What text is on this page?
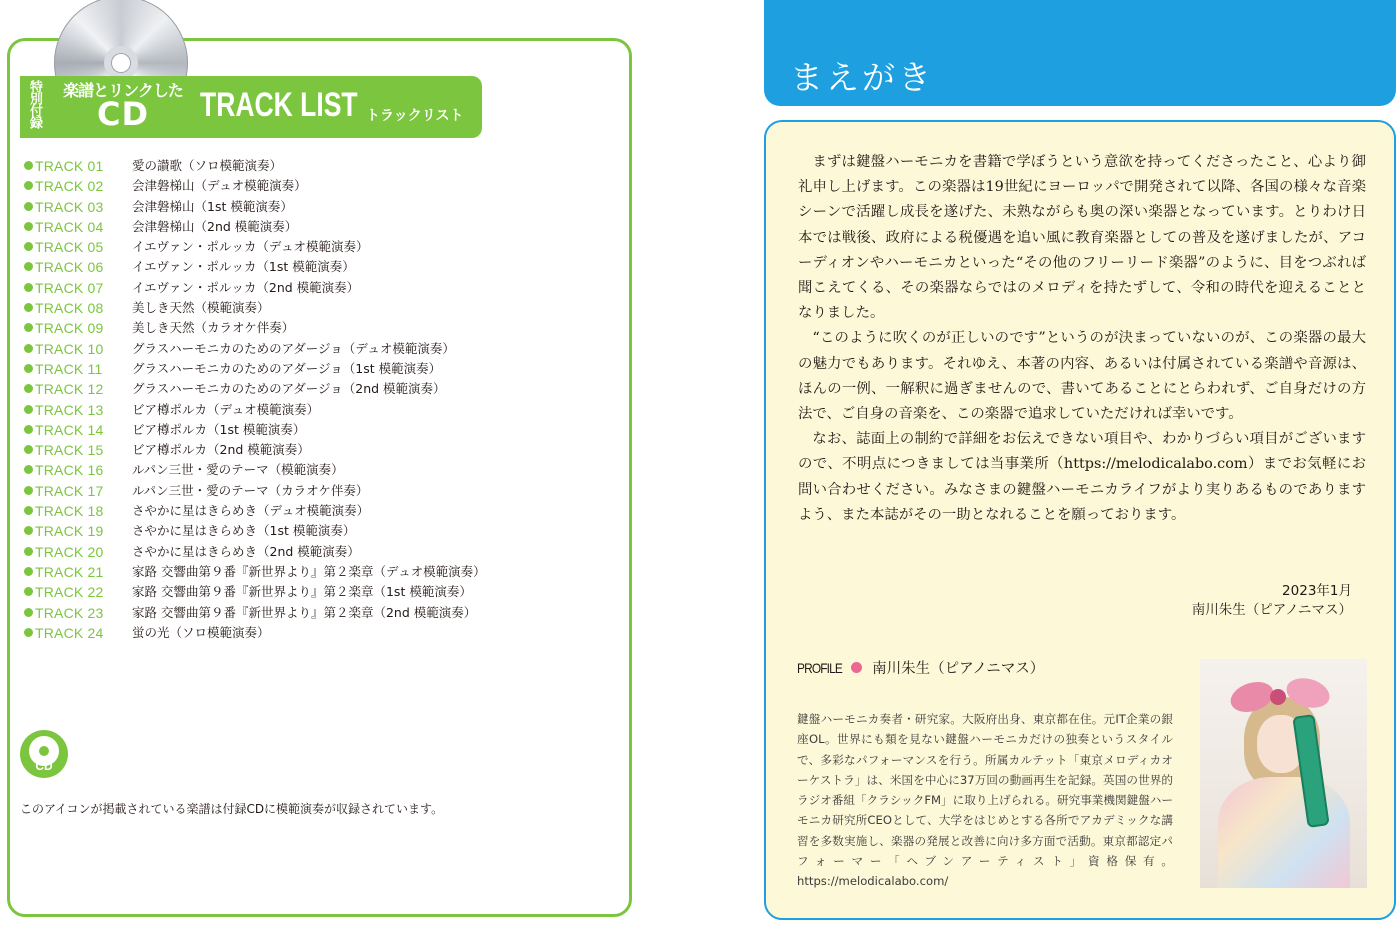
特別付録	楽譜とリンクした
CD	TRACK LIST トラックリスト
TRACK 01 愛の讃歌（ソロ模範演奏）
TRACK 02 会津磐梯山（デュオ模範演奏）
TRACK 03 会津磐梯山（1st 模範演奏）
TRACK 04 会津磐梯山（2nd 模範演奏）
TRACK 05 イエヴァン・ポルッカ（デュオ模範演奏）
TRACK 06 イエヴァン・ポルッカ（1st 模範演奏）
TRACK 07 イエヴァン・ポルッカ（2nd 模範演奏）
TRACK 08 美しき天然（模範演奏）
TRACK 09 美しき天然（カラオケ伴奏）
TRACK 10 グラスハーモニカのためのアダージョ（デュオ模範演奏）
TRACK 11 グラスハーモニカのためのアダージョ（1st 模範演奏）
TRACK 12 グラスハーモニカのためのアダージョ（2nd 模範演奏）
TRACK 13 ビア樽ポルカ（デュオ模範演奏）
TRACK 14 ビア樽ポルカ（1st 模範演奏）
TRACK 15 ビア樽ポルカ（2nd 模範演奏）
TRACK 16 ルパン三世・愛のテーマ（模範演奏）
TRACK 17 ルパン三世・愛のテーマ（カラオケ伴奏）
TRACK 18 さやかに星はきらめき（デュオ模範演奏）
TRACK 19 さやかに星はきらめき（1st 模範演奏）
TRACK 20 さやかに星はきらめき（2nd 模範演奏）
TRACK 21 家路 交響曲第９番『新世界より』第２楽章（デュオ模範演奏）
TRACK 22 家路 交響曲第９番『新世界より』第２楽章（1st 模範演奏）
TRACK 23 家路 交響曲第９番『新世界より』第２楽章（2nd 模範演奏）
TRACK 24 蛍の光（ソロ模範演奏）
CD
このアイコンが掲載されている楽譜は付録CDに模範演奏が収録されています。
まえがき

まずは鍵盤ハーモニカを書籍で学ぼうという意欲を持ってくださったこと、心より御礼申し上げます。この楽器は19世紀にヨーロッパで開発されて以降、各国の様々な音楽シーンで活躍し成長を遂げた、未熟ながらも奥の深い楽器となっています。とりわけ日本では戦後、政府による税優遇を追い風に教育楽器としての普及を遂げましたが、アコーディオンやハーモニカといった“その他のフリーリード楽器”のように、目をつぶれば聞こえてくる、その楽器ならではのメロディを持たずして、令和の時代を迎えることとなりました。

“このように吹くのが正しいのです”というのが決まっていないのが、この楽器の最大の魅力でもあります。それゆえ、本著の内容、あるいは付属されている楽譜や音源は、ほんの一例、一解釈に過ぎませんので、書いてあることにとらわれず、ご自身だけの方法で、ご自身の音楽を、この楽器で追求していただければ幸いです。

なお、誌面上の制約で詳細をお伝えできない項目や、わかりづらい項目がございますので、不明点につきましては当事業所（https://melodicalabo.com）までお気軽にお問い合わせください。みなさまの鍵盤ハーモニカライフがより実りあるものでありますよう、また本誌がその一助となれることを願っております。

2023年1月
南川朱生（ピアノニマス）
PROFILE 南川朱生（ピアノニマス）
鍵盤ハーモニカ奏者・研究家。大阪府出身、東京都在住。元IT企業の銀座OL。世界にも類を見ない鍵盤ハーモニカだけの独奏というスタイルで、多彩なパフォーマンスを行う。所属カルテット「東京メロディカオーケストラ」は、米国を中心に37万回の動画再生を記録。英国の世界的ラジオ番組「クラシックFM」に取り上げられる。研究事業機関鍵盤ハーモニカ研究所CEOとして、大学をはじめとする各所でアカデミックな講習を多数実施し、楽器の発展と改善に向け多方面で活動。東京都認定パフォーマー「ヘブンアーティスト」資格保有。https://melodicalabo.com/
